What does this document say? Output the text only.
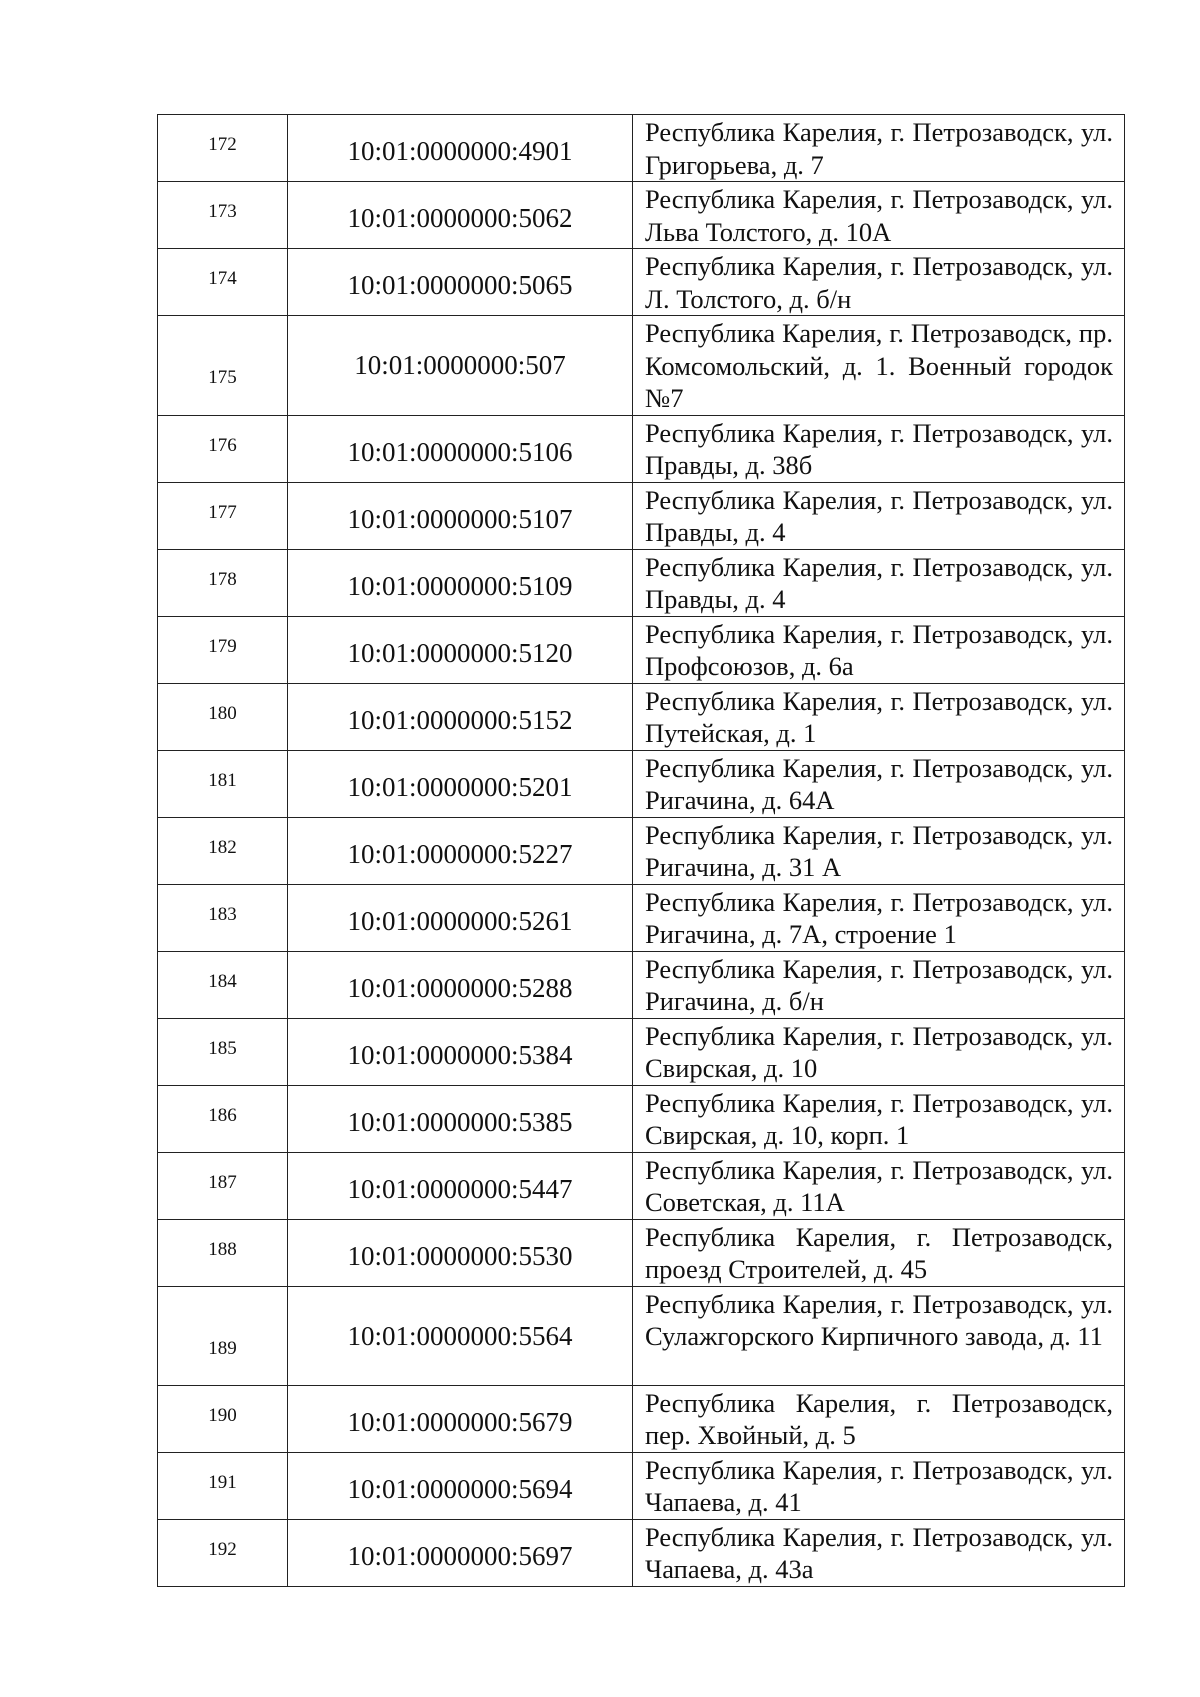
172	10:01:0000000:4901	Республика Карелия, г. Петрозаводск, ул. Григорьева, д. 7

173	10:01:0000000:5062	Республика Карелия, г. Петрозаводск, ул. Льва Толстого, д. 10А

174	10:01:0000000:5065	Республика Карелия, г. Петрозаводск, ул. Л. Толстого, д. б/н

175	10:01:0000000:507	Республика Карелия, г. Петрозаводск, пр. Комсомольский, д. 1. Военный городок №7

176	10:01:0000000:5106	Республика Карелия, г. Петрозаводск, ул. Правды, д. 38б

177	10:01:0000000:5107	Республика Карелия, г. Петрозаводск, ул. Правды, д. 4

178	10:01:0000000:5109	Республика Карелия, г. Петрозаводск, ул. Правды, д. 4

179	10:01:0000000:5120	Республика Карелия, г. Петрозаводск, ул. Профсоюзов, д. 6а

180	10:01:0000000:5152	Республика Карелия, г. Петрозаводск, ул. Путейская, д. 1

181	10:01:0000000:5201	Республика Карелия, г. Петрозаводск, ул. Ригачина, д. 64А

182	10:01:0000000:5227	Республика Карелия, г. Петрозаводск, ул. Ригачина, д. 31 А

183	10:01:0000000:5261	Республика Карелия, г. Петрозаводск, ул. Ригачина, д. 7А, строение 1

184	10:01:0000000:5288	Республика Карелия, г. Петрозаводск, ул. Ригачина, д. б/н

185	10:01:0000000:5384	Республика Карелия, г. Петрозаводск, ул. Свирская, д. 10

186	10:01:0000000:5385	Республика Карелия, г. Петрозаводск, ул. Свирская, д. 10, корп. 1

187	10:01:0000000:5447	Республика Карелия, г. Петрозаводск, ул. Советская, д. 11А

188	10:01:0000000:5530	Республика Карелия, г. Петрозаводск, проезд Строителей, д. 45

189	10:01:0000000:5564	Республика Карелия, г. Петрозаводск, ул. Сулажгорского Кирпичного завода, д. 11

190	10:01:0000000:5679	Республика Карелия, г. Петрозаводск, пер. Хвойный, д. 5

191	10:01:0000000:5694	Республика Карелия, г. Петрозаводск, ул. Чапаева, д. 41

192	10:01:0000000:5697	Республика Карелия, г. Петрозаводск, ул. Чапаева, д. 43а
